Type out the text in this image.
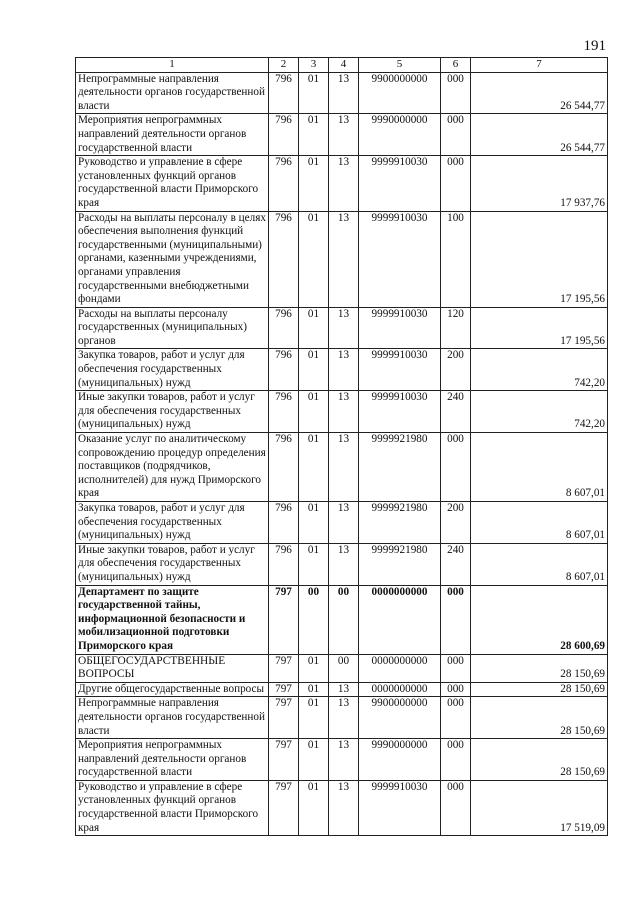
191
1	2	3	4	5	6	7
Непрограммные направления деятельности органов государственной власти	796	01	13	9900000000	000	26 544,77
Мероприятия непрограммных направлений деятельности органов государственной власти	796	01	13	9990000000	000	26 544,77
Руководство и управление в сфере установленных функций органов государственной власти Приморского края	796	01	13	9999910030	000	17 937,76
Расходы на выплаты персоналу в целях обеспечения выполнения функций государственными (муниципальными) органами, казенными учреждениями, органами управления государственными внебюджетными фондами	796	01	13	9999910030	100	17 195,56
Расходы на выплаты персоналу государственных (муниципальных) органов	796	01	13	9999910030	120	17 195,56
Закупка товаров, работ и услуг для обеспечения государственных (муниципальных) нужд	796	01	13	9999910030	200	742,20
Иные закупки товаров, работ и услуг для обеспечения государственных (муниципальных) нужд	796	01	13	9999910030	240	742,20
Оказание услуг по аналитическому сопровождению процедур определения поставщиков (подрядчиков, исполнителей) для нужд Приморского края	796	01	13	9999921980	000	8 607,01
Закупка товаров, работ и услуг для обеспечения государственных (муниципальных) нужд	796	01	13	9999921980	200	8 607,01
Иные закупки товаров, работ и услуг для обеспечения государственных (муниципальных) нужд	796	01	13	9999921980	240	8 607,01
Департамент по защите государственной тайны, информационной безопасности и мобилизационной подготовки Приморского края	797	00	00	0000000000	000	28 600,69
ОБЩЕГОСУДАРСТВЕННЫЕ ВОПРОСЫ	797	01	00	0000000000	000	28 150,69
Другие общегосударственные вопросы	797	01	13	0000000000	000	28 150,69
Непрограммные направления деятельности органов государственной власти	797	01	13	9900000000	000	28 150,69
Мероприятия непрограммных направлений деятельности органов государственной власти	797	01	13	9990000000	000	28 150,69
Руководство и управление в сфере установленных функций органов государственной власти Приморского края	797	01	13	9999910030	000	17 519,09
